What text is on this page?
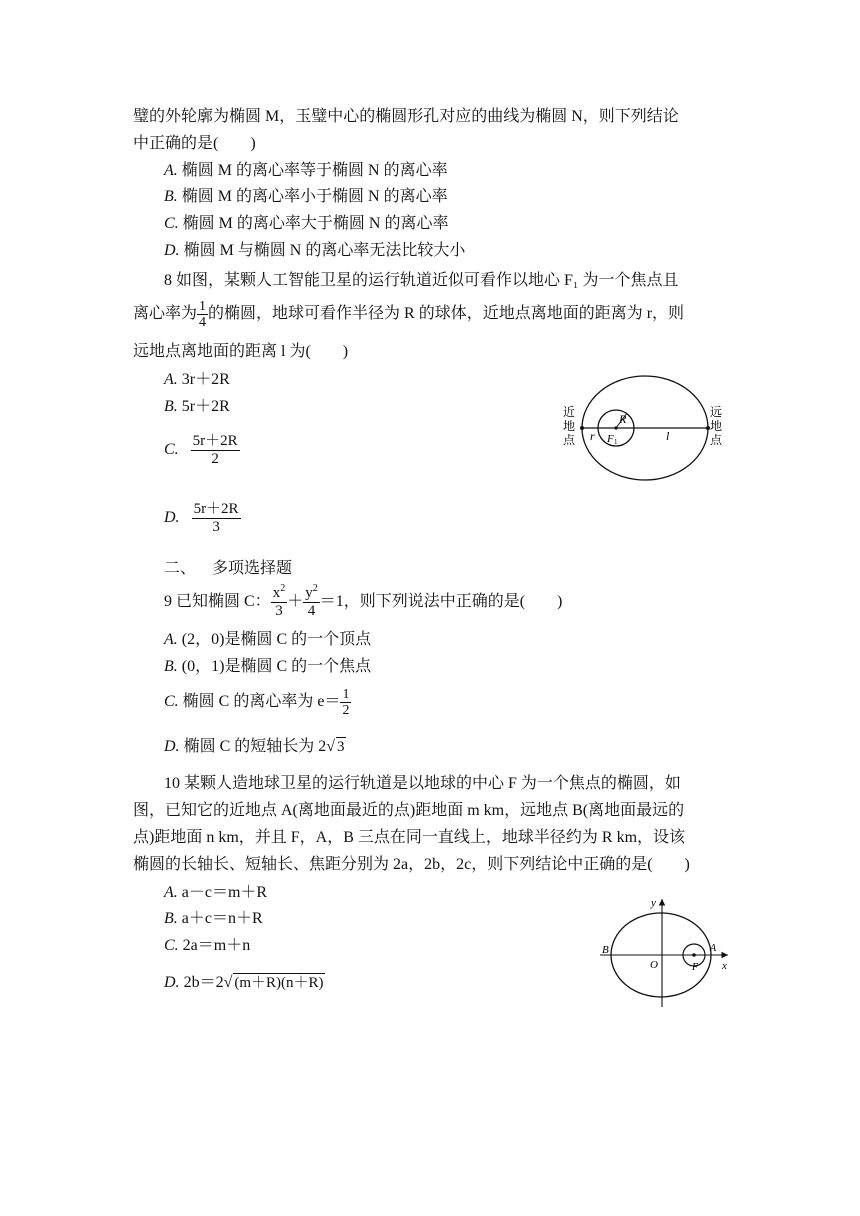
璧的外轮廓为椭圆 M，玉璧中心的椭圆形孔对应的曲线为椭圆 N，则下列结论
中正确的是(　　)
A. 椭圆 M 的离心率等于椭圆 N 的离心率
B. 椭圆 M 的离心率小于椭圆 N 的离心率
C. 椭圆 M 的离心率大于椭圆 N 的离心率
D. 椭圆 M 与椭圆 N 的离心率无法比较大小
8 如图，某颗人工智能卫星的运行轨道近似可看作以地心 F₁ 为一个焦点且
离心率为 $\frac{1}{4}$ 的椭圆，地球可看作半径为 R 的球体，近地点离地面的距离为 r，则
远地点离地面的距离 l 为(　　)
A. 3r＋2R
B. 5r＋2R
C. $\frac{5r+2R}{2}$
D. $\frac{5r+2R}{3}$
近
地
点
远
地
点
r
R
F 1	l
二、 多项选择题
9 已知椭圆 C： $\frac{x^2}{3} + \frac{y^2}{4} =1$，则下列说法中正确的是(　　)
A. (2，0)是椭圆 C 的一个顶点
B. (0，1)是椭圆 C 的一个焦点
C. 椭圆 C 的离心率为 $e= \frac{1}{2}$
D. 椭圆 C 的短轴长为 2√ 3
10 某颗人造地球卫星的运行轨道是以地球的中心 F 为一个焦点的椭圆，如
图，已知它的近地点 A(离地面最近的点)距地面 m km，远地点 B(离地面最远的
点)距地面 n km，并且 F，A，B 三点在同一直线上，地球半径约为 R km，设该
椭圆的长轴长、短轴长、焦距分别为 2a，2b，2c，则下列结论中正确的是(　　)
A. a－c＝m＋R
B. a＋c＝n＋R
C. 2a＝m＋n
D. 2b＝2√ (m＋R)(n＋R)
y
x
B
O	F
A
